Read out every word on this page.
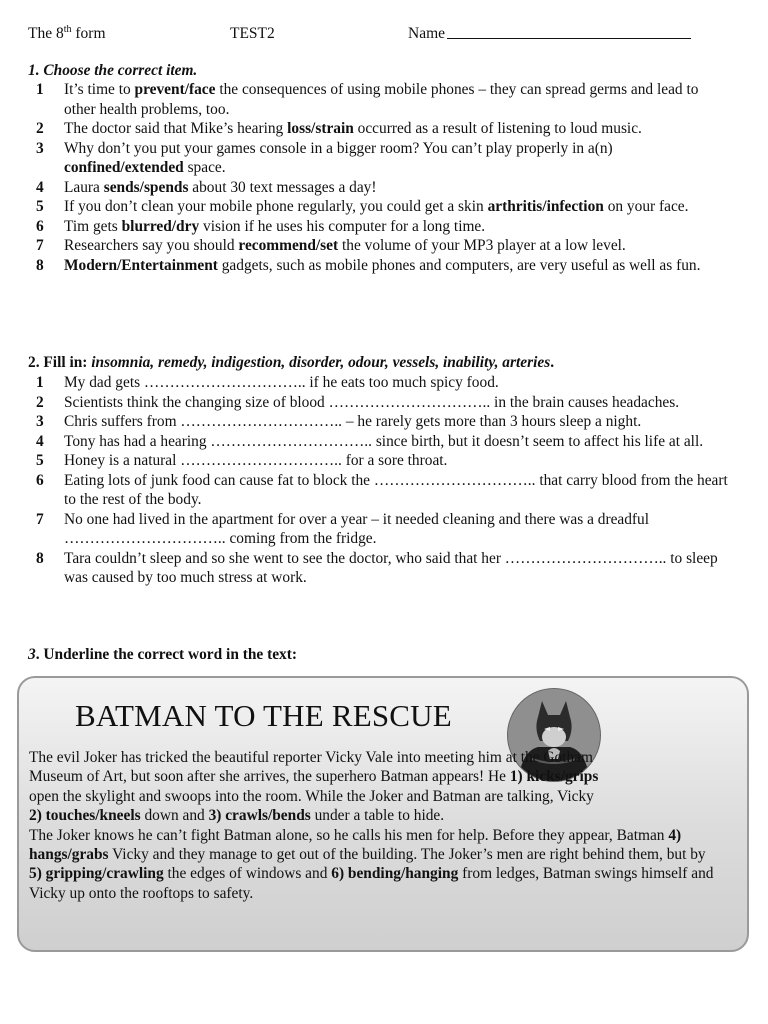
The 8th form	TEST2	Name
1. Choose the correct item.
1 It’s time to prevent/face the consequences of using mobile phones – they can spread germs and lead to other health problems, too.
2 The doctor said that Mike’s hearing loss/strain occurred as a result of listening to loud music.
3 Why don’t you put your games console in a bigger room? You can’t play properly in a(n) confined/extended space.
4 Laura sends/spends about 30 text messages a day!
5 If you don’t clean your mobile phone regularly, you could get a skin arthritis/infection on your face.
6 Tim gets blurred/dry vision if he uses his computer for a long time.
7 Researchers say you should recommend/set the volume of your MP3 player at a low level.
8 Modern/Entertainment gadgets, such as mobile phones and computers, are very useful as well as fun.
2. Fill in: insomnia, remedy, indigestion, disorder, odour, vessels, inability, arteries.
1 My dad gets ………………………….. if he eats too much spicy food.
2 Scientists think the changing size of blood ………………………….. in the brain causes headaches.
3 Chris suffers from ………………………….. – he rarely gets more than 3 hours sleep a night.
4 Tony has had a hearing ………………………….. since birth, but it doesn’t seem to affect his life at all.
5 Honey is a natural ………………………….. for a sore throat.
6 Eating lots of junk food can cause fat to block the ………………………….. that carry blood from the heart to the rest of the body.
7 No one had lived in the apartment for over a year – it needed cleaning and there was a dreadful ………………………….. coming from the fridge.
8 Tara couldn’t sleep and so she went to see the doctor, who said that her ………………………….. to sleep was caused by too much stress at work.
3. Underline the correct word in the text:
BATMAN TO THE RESCUE

The evil Joker has tricked the beautiful reporter Vicky Vale into meeting him at the Gotham Museum of Art, but soon after she arrives, the superhero Batman appears! He 1) kicks/grips open the skylight and swoops into the room. While the Joker and Batman are talking, Vicky 2) touches/kneels down and 3) crawls/bends under a table to hide.

The Joker knows he can’t fight Batman alone, so he calls his men for help. Before they appear, Batman 4) hangs/grabs Vicky and they manage to get out of the building. The Joker’s men are right behind them, but by 5) gripping/crawling the edges of windows and 6) bending/hanging from ledges, Batman swings himself and Vicky up onto the rooftops to safety.
